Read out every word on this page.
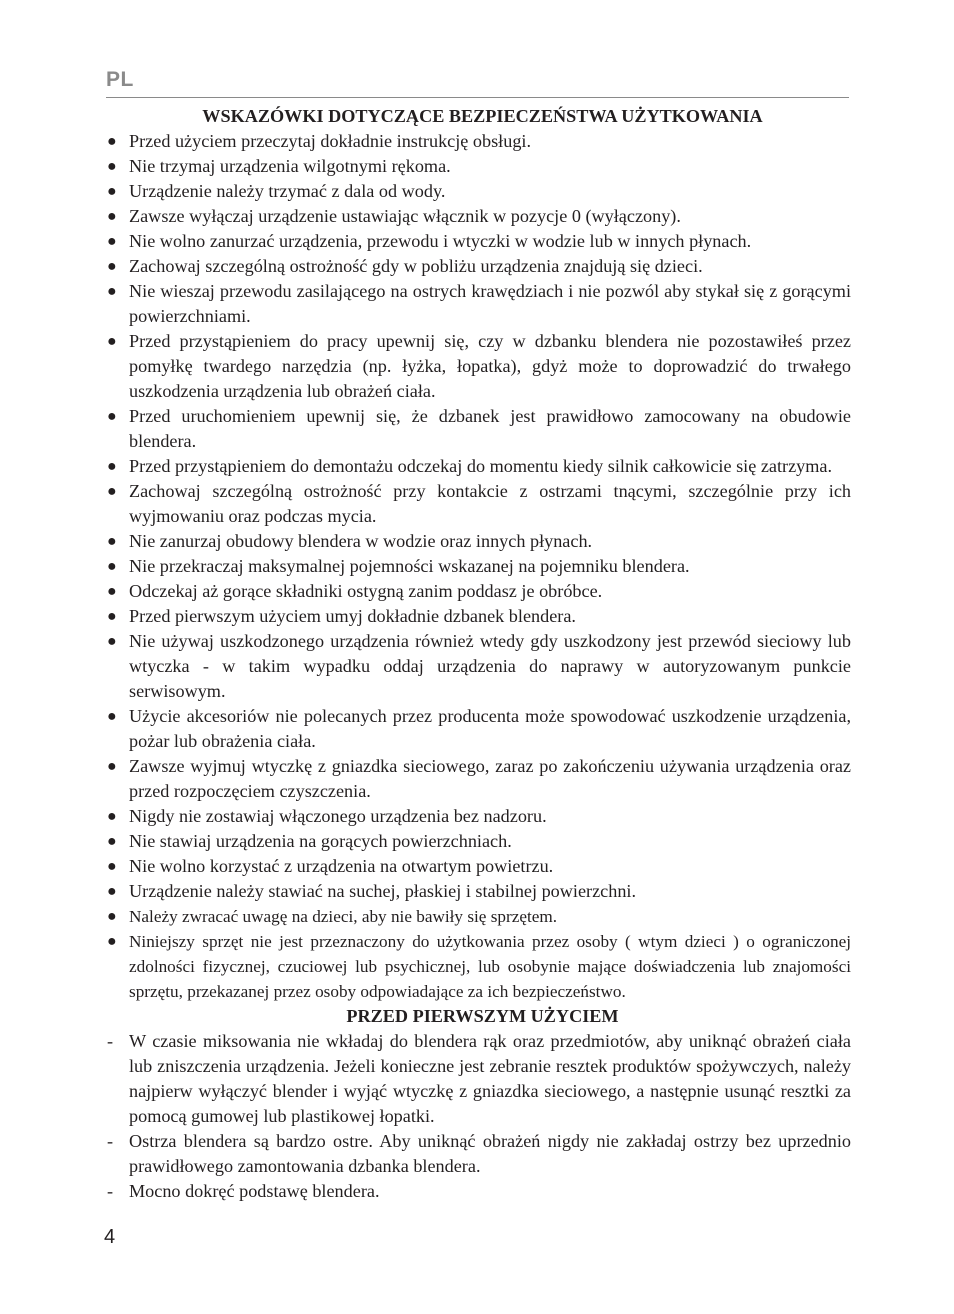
PL
WSKAZÓWKI DOTYCZĄCE BEZPIECZEŃSTWA UŻYTKOWANIA
● Przed użyciem przeczytaj dokładnie instrukcję obsługi.
● Nie trzymaj urządzenia wilgotnymi rękoma.
● Urządzenie należy trzymać z dala od wody.
● Zawsze wyłączaj urządzenie ustawiając włącznik w pozycje 0 (wyłączony).
● Nie wolno zanurzać urządzenia, przewodu i wtyczki w wodzie lub w innych płynach.
● Zachowaj szczególną ostrożność gdy w pobliżu urządzenia znajdują się dzieci.
● Nie wieszaj przewodu zasilającego na ostrych krawędziach i nie pozwól aby stykał się z gorącymi powierzchniami.
● Przed przystąpieniem do pracy upewnij się, czy w dzbanku blendera nie pozostawiłeś przez pomyłkę twardego narzędzia (np. łyżka, łopatka), gdyż może to doprowadzić do trwałego uszkodzenia urządzenia lub obrażeń ciała.
● Przed uruchomieniem upewnij się, że dzbanek jest prawidłowo zamocowany na obudowie blendera.
● Przed przystąpieniem do demontażu odczekaj do momentu kiedy silnik całkowicie się zatrzyma.
● Zachowaj szczególną ostrożność przy kontakcie z ostrzami tnącymi, szczególnie przy ich wyjmowaniu oraz podczas mycia.
● Nie zanurzaj obudowy blendera w wodzie oraz innych płynach.
● Nie przekraczaj maksymalnej pojemności wskazanej na pojemniku blendera.
● Odczekaj aż gorące składniki ostygną zanim poddasz je obróbce.
● Przed pierwszym użyciem umyj dokładnie dzbanek blendera.
● Nie używaj uszkodzonego urządzenia również wtedy gdy uszkodzony jest przewód sieciowy lub wtyczka - w takim wypadku oddaj urządzenia do naprawy w autoryzowanym punkcie serwisowym.
● Użycie akcesoriów nie polecanych przez producenta może spowodować uszkodzenie urządzenia, pożar lub obrażenia ciała.
● Zawsze wyjmuj wtyczkę z gniazdka sieciowego, zaraz po zakończeniu używania urządzenia oraz przed rozpoczęciem czyszczenia.
● Nigdy nie zostawiaj włączonego urządzenia bez nadzoru.
● Nie stawiaj urządzenia na gorących powierzchniach.
● Nie wolno korzystać z urządzenia na otwartym powietrzu.
● Urządzenie należy stawiać na suchej, płaskiej i stabilnej powierzchni.
● Należy zwracać uwagę na dzieci, aby nie bawiły się sprzętem.
● Niniejszy sprzęt nie jest przeznaczony do użytkowania przez osoby ( wtym dzieci ) o ograniczonej zdolności fizycznej, czuciowej lub psychicznej, lub osobynie mające doświadczenia lub znajomości sprzętu, przekazanej przez osoby odpowiadające za ich bezpieczeństwo.
PRZED PIERWSZYM UŻYCIEM
- W czasie miksowania nie wkładaj do blendera rąk oraz przedmiotów, aby uniknąć obrażeń ciała lub zniszczenia urządzenia. Jeżeli konieczne jest zebranie resztek produktów spożywczych, należy najpierw wyłączyć blender i wyjąć wtyczkę z gniazdka sieciowego, a następnie usunąć resztki za pomocą gumowej lub plastikowej łopatki.
- Ostrza blendera są bardzo ostre. Aby uniknąć obrażeń nigdy nie zakładaj ostrzy bez uprzednio prawidłowego zamontowania dzbanka blendera.
- Mocno dokręć podstawę blendera.
4
